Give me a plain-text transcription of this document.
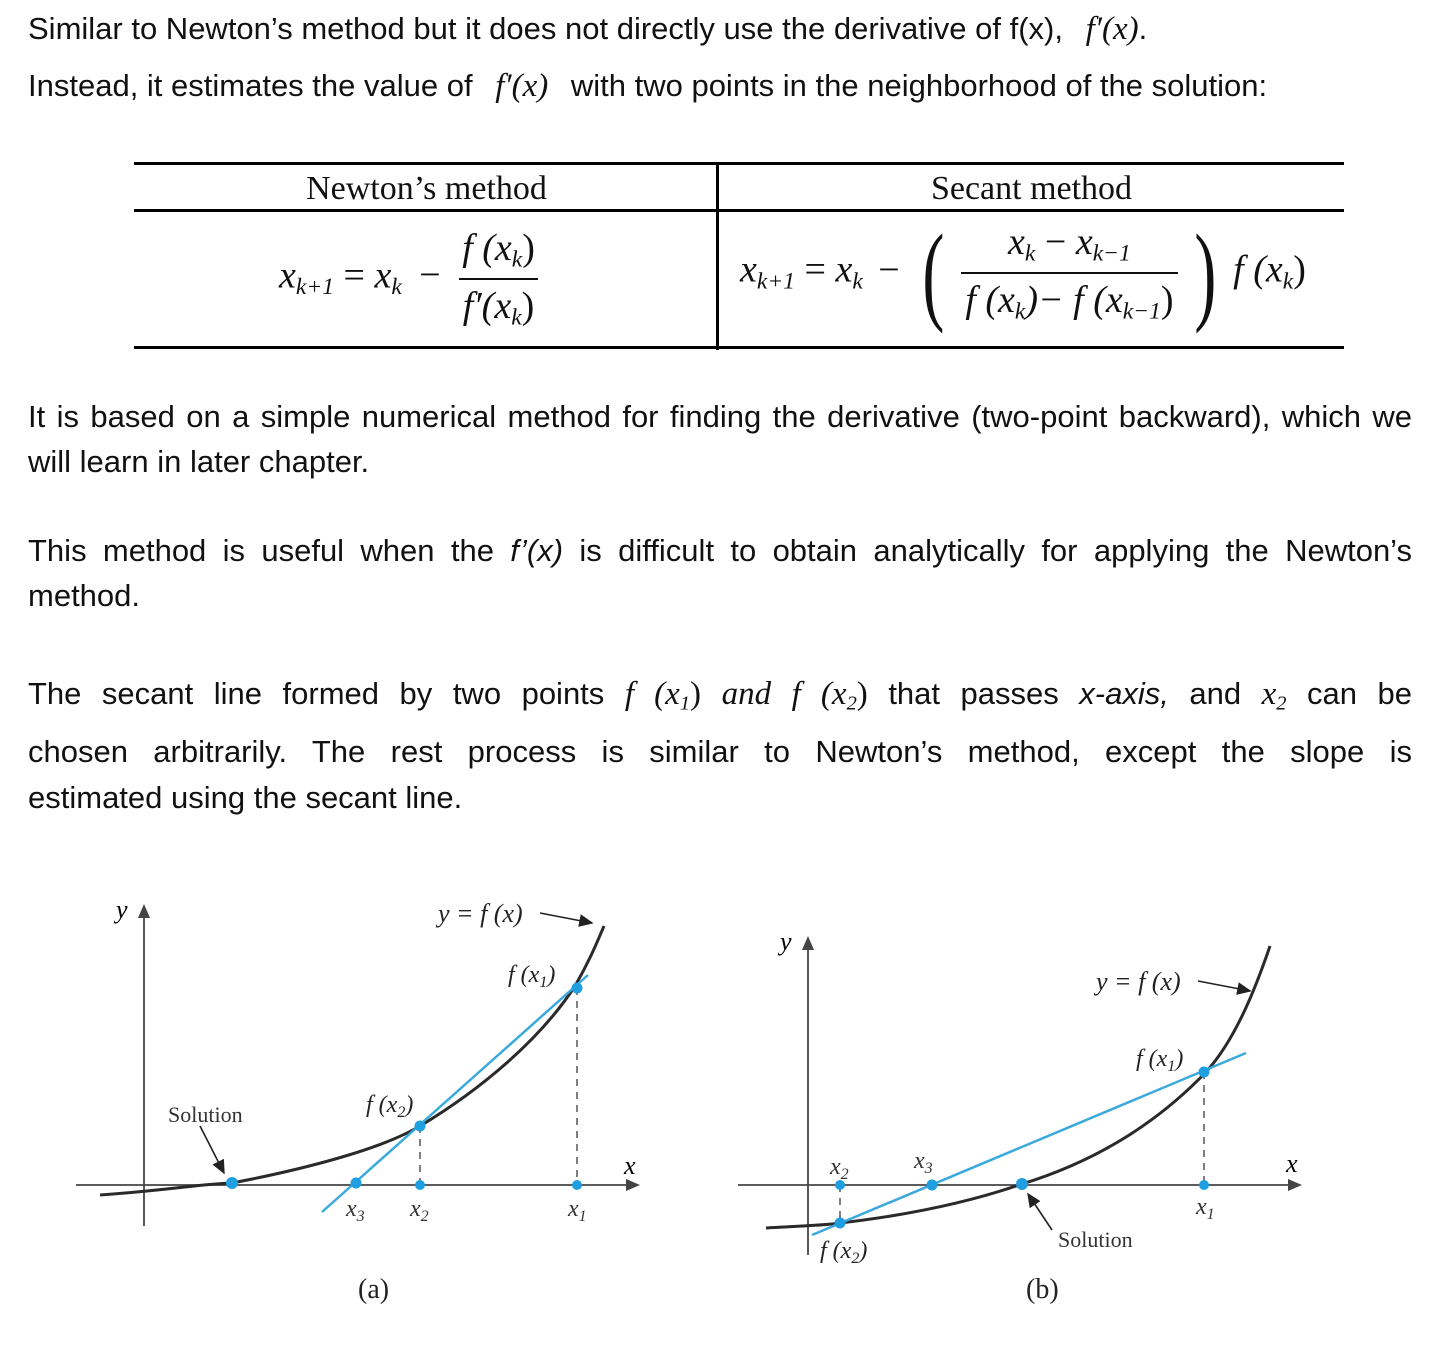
Similar to Newton’s method but it does not directly use the derivative of f(x), f′(x).
Instead, it estimates the value of f′(x) with two points in the neighborhood of the solution:
Newton’s method	Secant method
$x_{k+1} = x_k - \frac{f (x_k)}{f'(x_k)}$	$x_{k+1} = x_k$ − ( $\frac{x_k - x_{k-1}}{f (x_k)- f (x_{k-1})}$ ) f $(x_k)$
It is based on a simple numerical method for finding the derivative (two-point backward), which we will learn in later chapter.
This method is useful when the f’(x) is difficult to obtain analytically for applying the Newton’s method.
The secant line formed by two points f $(x_1)$ and f $(x_2)$ that passes x-axis, and $x_2$ can be
chosen arbitrarily. The rest process is similar to Newton’s method, except the slope is
estimated using the secant line.
y
x
Solution
y = f (x)
f $(x_1)$
f $(x_2)$
$x_3$ $x_2$	$x_1$
(a)
y
x
Solution
y = f (x)
f $(x_1)$
f $(x_2)$
$x_2$
$x_3$
$x_1$
(b)
